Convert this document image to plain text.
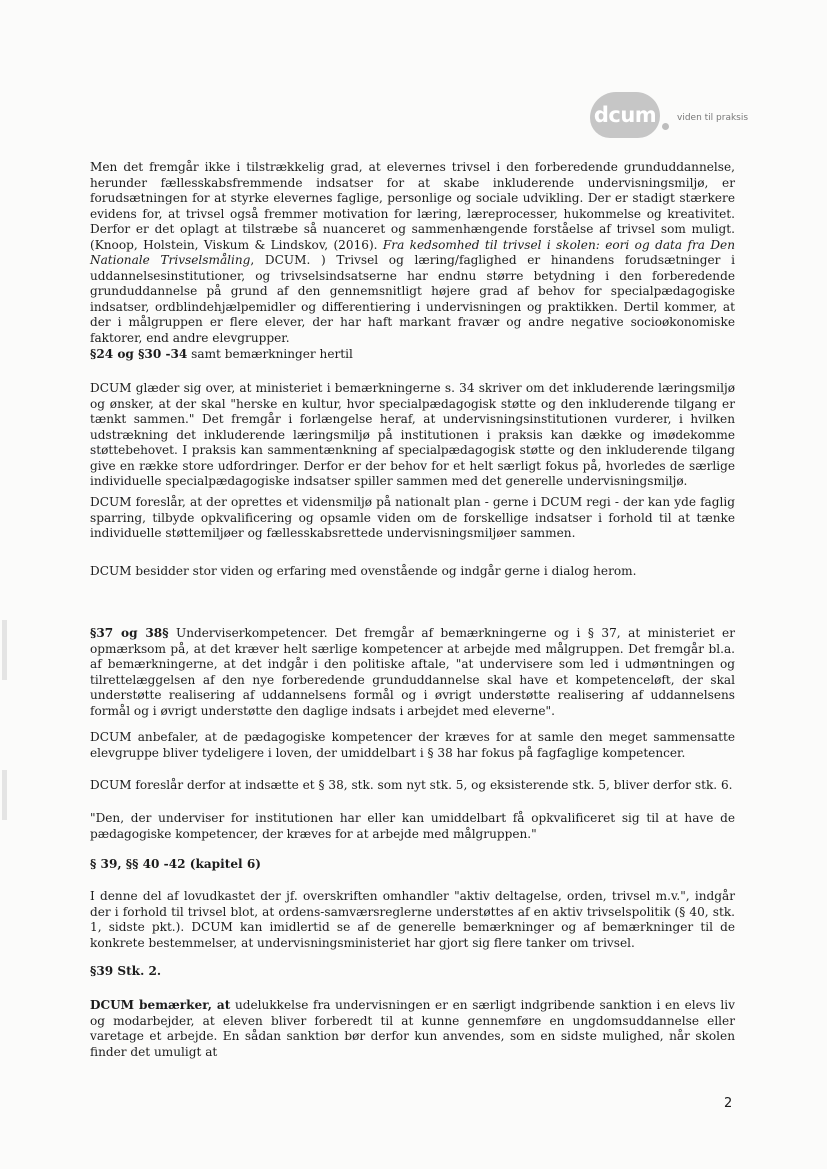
dcum	viden til praksis

Men det fremgår ikke i tilstrækkelig grad, at elevernes trivsel i den forberedende grunduddannelse, herunder fællesskabsfremmende indsatser for at skabe inkluderende undervisningsmiljø, er forudsætningen for at styrke elevernes faglige, personlige og sociale udvikling. Der er stadigt stærkere evidens for, at trivsel også fremmer motivation for læring, læreprocesser, hukommelse og kreativitet. Derfor er det oplagt at tilstræbe så nuanceret og sammenhængende forståelse af trivsel som muligt.(Knoop, Holstein, Viskum & Lindskov, (2016). Fra kedsomhed til trivsel i skolen: eori og data fra Den Nationale Trivselsmåling, DCUM. ) Trivsel og læring/faglighed er hinandens forudsætninger i uddannelsesinstitutioner, og trivselsindsatserne har endnu større betydning i den forberedende grunduddannelse på grund af den gennemsnitligt højere grad af behov for specialpædagogiske indsatser, ordblindehjælpemidler og differentiering i undervisningen og praktikken. Dertil kommer, at der i målgruppen er flere elever, der har haft markant fravær og andre negative socioøkonomiske faktorer, end andre elevgrupper.

§24 og §30 -34 samt bemærkninger hertil

DCUM glæder sig over, at ministeriet i bemærkningerne s. 34 skriver om det inkluderende læringsmiljø og ønsker, at der skal "herske en kultur, hvor specialpædagogisk støtte og den inkluderende tilgang er tænkt sammen." Det fremgår i forlængelse heraf, at undervisningsinstitutionen vurderer, i hvilken udstrækning det inkluderende læringsmiljø på institutionen i praksis kan dække og imødekomme støttebehovet. I praksis kan sammentænkning af specialpædagogisk støtte og den inkluderende tilgang give en række store udfordringer. Derfor er der behov for et helt særligt fokus på, hvorledes de særlige individuelle specialpædagogiske indsatser spiller sammen med det generelle undervisningsmiljø.

DCUM foreslår, at der oprettes et vidensmiljø på nationalt plan - gerne i DCUM regi - der kan yde faglig sparring, tilbyde opkvalificering og opsamle viden om de forskellige indsatser i forhold til at tænke individuelle støttemiljøer og fællesskabsrettede undervisningsmiljøer sammen.

DCUM besidder stor viden og erfaring med ovenstående og indgår gerne i dialog herom.

§37 og 38§ Underviserkompetencer. Det fremgår af bemærkningerne og i § 37, at ministeriet er opmærksom på, at det kræver helt særlige kompetencer at arbejde med målgruppen. Det fremgår bl.a. af bemærkningerne, at det indgår i den politiske aftale, "at undervisere som led i udmøntningen og tilrettelæggelsen af den nye forberedende grunduddannelse skal have et kompetenceløft, der skal understøtte realisering af uddannelsens formål og i øvrigt understøtte realisering af uddannelsens formål og i øvrigt understøtte den daglige indsats i arbejdet med eleverne".

DCUM anbefaler, at de pædagogiske kompetencer der kræves for at samle den meget sammensatte elevgruppe bliver tydeligere i loven, der umiddelbart i § 38 har fokus på fagfaglige kompetencer.

DCUM foreslår derfor at indsætte et § 38, stk. som nyt stk. 5, og eksisterende stk. 5, bliver derfor stk. 6.

"Den, der underviser for institutionen har eller kan umiddelbart få opkvalificeret sig til at have de pædagogiske kompetencer, der kræves for at arbejde med målgruppen."

§ 39, §§ 40 -42 (kapitel 6)

I denne del af lovudkastet der jf. overskriften omhandler "aktiv deltagelse, orden, trivsel m.v.", indgår der i forhold til trivsel blot, at ordens-samværsreglerne understøttes af en aktiv trivselspolitik (§ 40, stk. 1, sidste pkt.). DCUM kan imidlertid se af de generelle bemærkninger og af bemærkninger til de konkrete bestemmelser, at undervisningsministeriet har gjort sig flere tanker om trivsel.

§39 Stk. 2.

DCUM bemærker, at udelukkelse fra undervisningen er en særligt indgribende sanktion i en elevs liv og modarbejder, at eleven bliver forberedt til at kunne gennemføre en ungdomsuddannelse eller varetage et arbejde. En sådan sanktion bør derfor kun anvendes, som en sidste mulighed, når skolen finder det umuligt at

2
